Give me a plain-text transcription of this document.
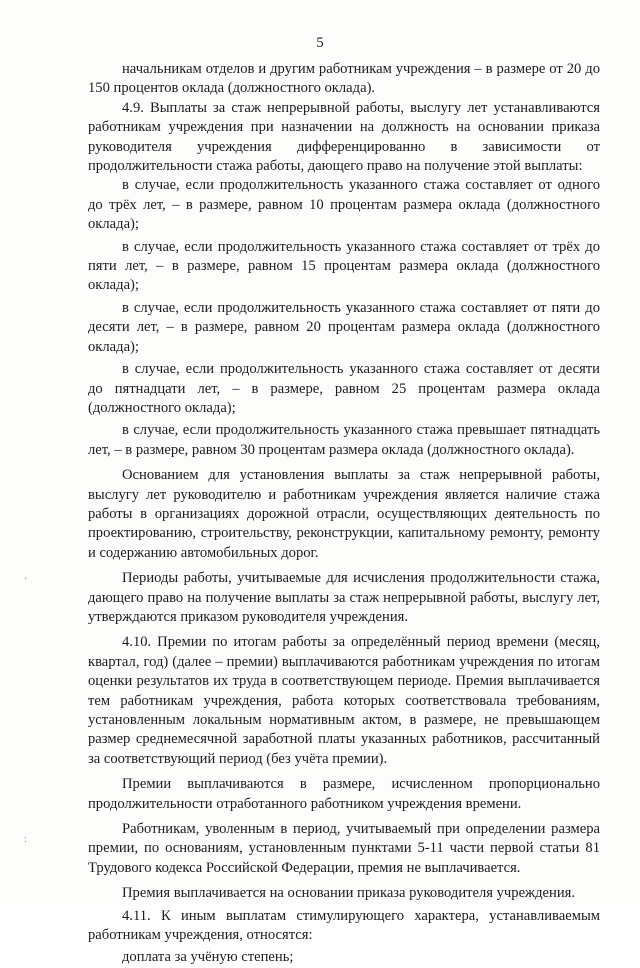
5
·
:

начальникам отделов и другим работникам учреждения – в размере от 20 до 150 процентов оклада (должностного оклада).

4.9. Выплаты за стаж непрерывной работы, выслугу лет устанавливаются работникам учреждения при назначении на должность на основании приказа руководителя учреждения дифференцированно в зависимости от продолжительности стажа работы, дающего право на получение этой выплаты:

в случае, если продолжительность указанного стажа составляет от одного до трёх лет, – в размере, равном 10 процентам размера оклада (должностного оклада);

в случае, если продолжительность указанного стажа составляет от трёх до пяти лет, – в размере, равном 15 процентам размера оклада (должностного оклада);

в случае, если продолжительность указанного стажа составляет от пяти до десяти лет, – в размере, равном 20 процентам размера оклада (должностного оклада);

в случае, если продолжительность указанного стажа составляет от десяти до пятнадцати лет, – в размере, равном 25 процентам размера оклада (должностного оклада);

в случае, если продолжительность указанного стажа превышает пятнадцать лет, – в размере, равном 30 процентам размера оклада (должностного оклада).

Основанием для установления выплаты за стаж непрерывной работы, выслугу лет руководителю и работникам учреждения является наличие стажа работы в организациях дорожной отрасли, осуществляющих деятельность по проектированию, строительству, реконструкции, капитальному ремонту, ремонту и содержанию автомобильных дорог.

Периоды работы, учитываемые для исчисления продолжительности стажа, дающего право на получение выплаты за стаж непрерывной работы, выслугу лет, утверждаются приказом руководителя учреждения.

4.10. Премии по итогам работы за определённый период времени (месяц, квартал, год) (далее – премии) выплачиваются работникам учреждения по итогам оценки результатов их труда в соответствующем периоде. Премия выплачивается тем работникам учреждения, работа которых соответствовала требованиям, установленным локальным нормативным актом, в размере, не превышающем размер среднемесячной заработной платы указанных работников, рассчитанный за соответствующий период (без учёта премии).

Премии выплачиваются в размере, исчисленном пропорционально продолжительности отработанного работником учреждения времени.

Работникам, уволенным в период, учитываемый при определении размера премии, по основаниям, установленным пунктами 5-11 части первой статьи 81 Трудового кодекса Российской Федерации, премия не выплачивается.

Премия выплачивается на основании приказа руководителя учреждения.

4.11. К иным выплатам стимулирующего характера, устанавливаемым работникам учреждения, относятся:

доплата за учёную степень;
